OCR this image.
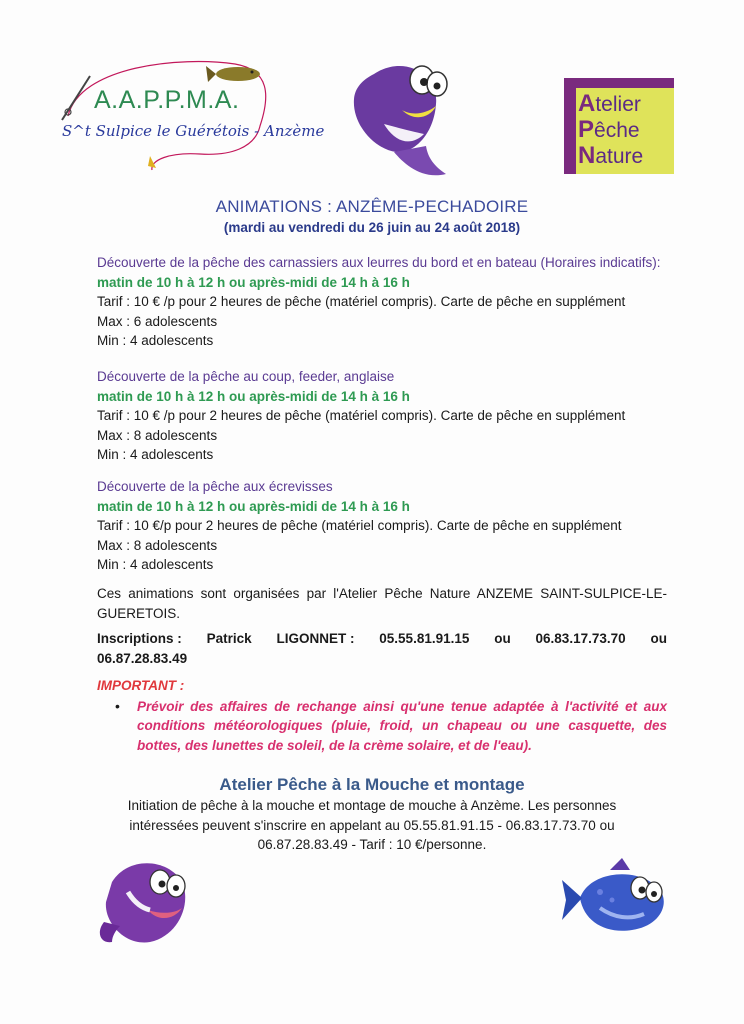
A.A.P.P.M.A.
S^t Sulpice le Guérétois - Anzème
Atelier
Pêche
Nature
ANIMATIONS : ANZÊME-PECHADOIRE
(mardi au vendredi du 26 juin au 24 août 2018)
Découverte de la pêche des carnassiers aux leurres du bord et en bateau (Horaires indicatifs):
matin de 10 h à 12 h ou après-midi de 14 h à 16 h
Tarif : 10 € /p pour 2 heures de pêche (matériel compris). Carte de pêche en supplément
Max : 6 adolescents
Min : 4 adolescents
Découverte de la pêche au coup, feeder, anglaise
matin de 10 h à 12 h ou après-midi de 14 h à 16 h
Tarif : 10 € /p pour 2 heures de pêche (matériel compris). Carte de pêche en supplément
Max : 8 adolescents
Min : 4 adolescents
Découverte de la pêche aux écrevisses
matin de 10 h à 12 h ou après-midi de 14 h à 16 h
Tarif : 10 €/p pour 2 heures de pêche (matériel compris). Carte de pêche en supplément
Max : 8 adolescents
Min : 4 adolescents
Ces animations sont organisées par l'Atelier Pêche Nature ANZEME SAINT-SULPICE-LE-GUERETOIS.
Inscriptions : Patrick LIGONNET : 05.55.81.91.15 ou 06.83.17.73.70 ou
06.87.28.83.49
IMPORTANT :
•	Prévoir des affaires de rechange ainsi qu'une tenue adaptée à l'activité et aux conditions météorologiques (pluie, froid, un chapeau ou une casquette, des bottes, des lunettes de soleil, de la crème solaire, et de l'eau).
Atelier Pêche à la Mouche et montage
Initiation de pêche à la mouche et montage de mouche à Anzème. Les personnes intéressées peuvent s'inscrire en appelant au 05.55.81.91.15 - 06.83.17.73.70 ou 06.87.28.83.49 - Tarif : 10 €/personne.
